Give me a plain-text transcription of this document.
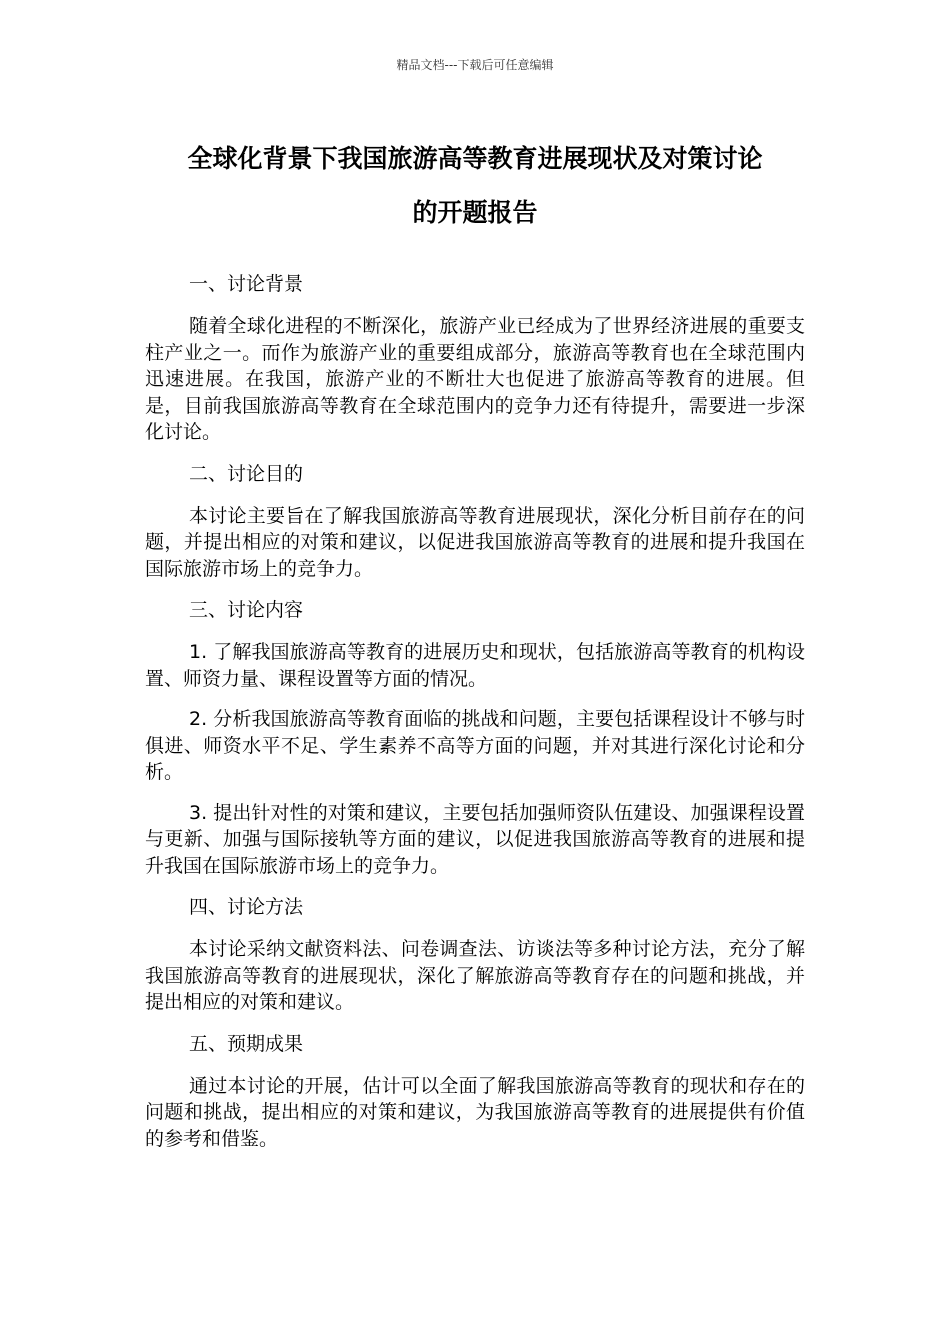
精品文档---下载后可任意编辑
全球化背景下我国旅游高等教育进展现状及对策讨论
的开题报告
一、讨论背景

随着全球化进程的不断深化，旅游产业已经成为了世界经济进展的重要支柱产业之一。而作为旅游产业的重要组成部分，旅游高等教育也在全球范围内迅速进展。在我国，旅游产业的不断壮大也促进了旅游高等教育的进展。但是，目前我国旅游高等教育在全球范围内的竞争力还有待提升，需要进一步深化讨论。

二、讨论目的

本讨论主要旨在了解我国旅游高等教育进展现状，深化分析目前存在的问题，并提出相应的对策和建议，以促进我国旅游高等教育的进展和提升我国在国际旅游市场上的竞争力。

三、讨论内容

1. 了解我国旅游高等教育的进展历史和现状，包括旅游高等教育的机构设置、师资力量、课程设置等方面的情况。

2. 分析我国旅游高等教育面临的挑战和问题，主要包括课程设计不够与时俱进、师资水平不足、学生素养不高等方面的问题，并对其进行深化讨论和分析。

3. 提出针对性的对策和建议，主要包括加强师资队伍建设、加强课程设置与更新、加强与国际接轨等方面的建议，以促进我国旅游高等教育的进展和提升我国在国际旅游市场上的竞争力。

四、讨论方法

本讨论采纳文献资料法、问卷调查法、访谈法等多种讨论方法，充分了解我国旅游高等教育的进展现状，深化了解旅游高等教育存在的问题和挑战，并提出相应的对策和建议。

五、预期成果

通过本讨论的开展，估计可以全面了解我国旅游高等教育的现状和存在的问题和挑战，提出相应的对策和建议，为我国旅游高等教育的进展提供有价值的参考和借鉴。
